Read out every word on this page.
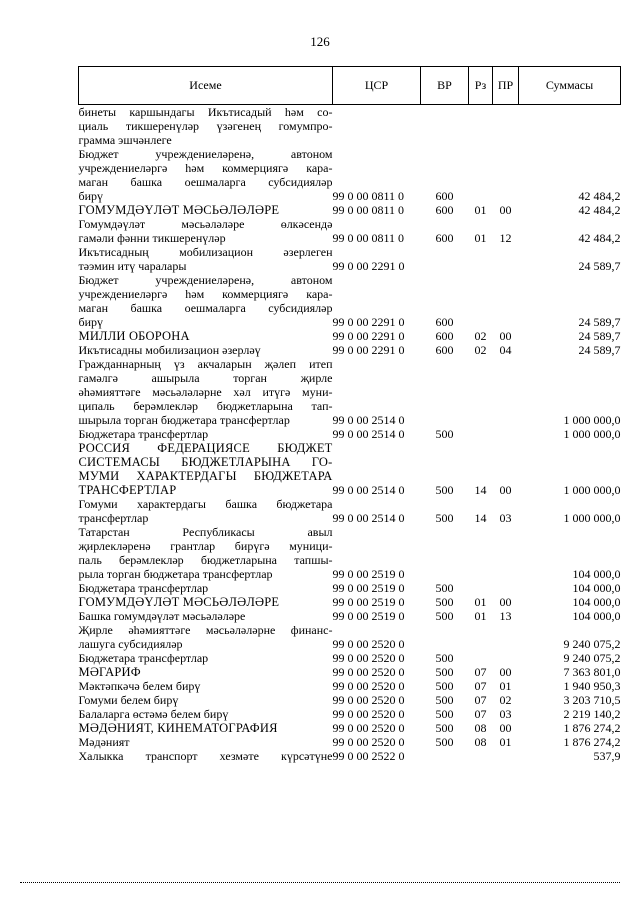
126
Исеме	ЦСР	ВР	Рз	ПР	Суммасы

бинеты каршындагы Икътисадый һәм со-
циаль тикшеренүләр үзәгенең гомумпро-
грамма эшчәнлеге					

Бюджет учреждениеләренә, автоном
учреждениеләргә һәм коммерциягә кара-
маган башка оешмаларга субсидияләр
бирү	99 0 00 0811 0	600			42 484,2

ГОМУМДӘҮЛӘТ МӘСЬӘЛӘЛӘРЕ	99 0 00 0811 0	600	01	00	42 484,2

Гомумдәүләт мәсьәләләре өлкәсендә
гамәли фәнни тикшеренүләр	99 0 00 0811 0	600	01	12	42 484,2

Икътисадның мобилизацион әзерлеген
тәэмин итү чаралары	99 0 00 2291 0				24 589,7

Бюджет учреждениеләренә, автоном
учреждениеләргә һәм коммерциягә кара-
маган башка оешмаларга субсидияләр
бирү	99 0 00 2291 0	600			24 589,7

МИЛЛИ ОБОРОНА	99 0 00 2291 0	600	02	00	24 589,7

Икътисадны мобилизацион әзерләү	99 0 00 2291 0	600	02	04	24 589,7

Гражданнарның үз акчаларын җәлеп итеп
гамәлгә ашырыла торган җирле
әһәмияттәге мәсьәләләрне хәл итүгә муни-
ципаль берәмлекләр бюджетларына тап-
шырыла торган бюджетара трансфертлар	99 0 00 2514 0				1 000 000,0

Бюджетара трансфертлар	99 0 00 2514 0	500			1 000 000,0

РОССИЯ ФЕДЕРАЦИЯСЕ БЮДЖЕТ
СИСТЕМАСЫ БЮДЖЕТЛАРЫНА ГО-
МУМИ ХАРАКТЕРДАГЫ БЮДЖЕТАРА
ТРАНСФЕРТЛАР	99 0 00 2514 0	500	14	00	1 000 000,0

Гомуми характердагы башка бюджетара
трансфертлар	99 0 00 2514 0	500	14	03	1 000 000,0

Татарстан Республикасы авыл
җирлекләренә грантлар бирүгә муници-
паль берәмлекләр бюджетларына тапшы-
рыла торган бюджетара трансфертлар	99 0 00 2519 0				104 000,0

Бюджетара трансфертлар	99 0 00 2519 0	500			104 000,0

ГОМУМДӘҮЛӘТ МӘСЬӘЛӘЛӘРЕ	99 0 00 2519 0	500	01	00	104 000,0

Башка гомумдәүләт мәсьәләләре	99 0 00 2519 0	500	01	13	104 000,0

Җирле әһәмияттәге мәсьәләләрне финанс-
лашуга субсидияләр	99 0 00 2520 0				9 240 075,2

Бюджетара трансфертлар	99 0 00 2520 0	500			9 240 075,2

МӘГАРИФ	99 0 00 2520 0	500	07	00	7 363 801,0

Мәктәпкәчә белем бирү	99 0 00 2520 0	500	07	01	1 940 950,3

Гомуми белем бирү	99 0 00 2520 0	500	07	02	3 203 710,5

Балаларга өстәмә белем бирү	99 0 00 2520 0	500	07	03	2 219 140,2

МӘДӘНИЯТ, КИНЕМАТОГРАФИЯ	99 0 00 2520 0	500	08	00	1 876 274,2

Мәдәният	99 0 00 2520 0	500	08	01	1 876 274,2

Халыкка транспорт хезмәте күрсәтүне	99 0 00 2522 0				537,9
